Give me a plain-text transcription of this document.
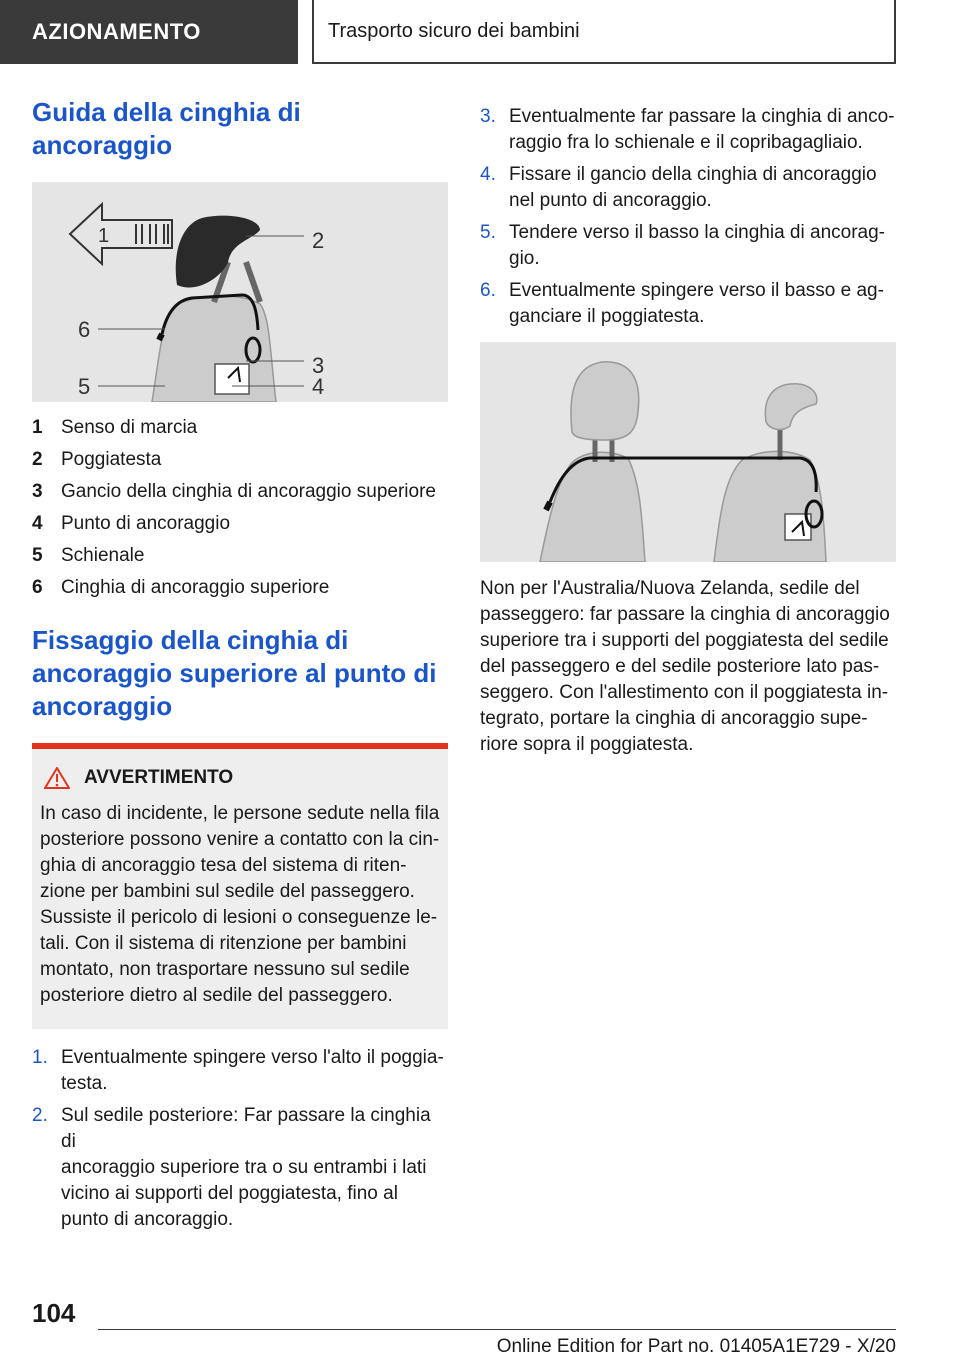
AZIONAMENTO	Trasporto sicuro dei bambini
Guida della cinghia di ancoraggio
1	2
3
4
5
6
1 Senso di marcia
2 Poggiatesta
3 Gancio della cinghia di ancoraggio superiore
4 Punto di ancoraggio
5 Schienale
6 Cinghia di ancoraggio superiore
Fissaggio della cinghia di
ancoraggio superiore al punto di
ancoraggio
AVVERTIMENTO
In caso di incidente, le persone sedute nella fila
posteriore possono venire a contatto con la cin-
ghia di ancoraggio tesa del sistema di riten-
zione per bambini sul sedile del passeggero.
Sussiste il pericolo di lesioni o conseguenze le-
tali. Con il sistema di ritenzione per bambini
montato, non trasportare nessuno sul sedile
posteriore dietro al sedile del passeggero.
1. Eventualmente spingere verso l'alto il poggia-
testa.
2. Sul sedile posteriore: Far passare la cinghia di
ancoraggio superiore tra o su entrambi i lati
vicino ai supporti del poggiatesta, fino al
punto di ancoraggio.
3. Eventualmente far passare la cinghia di anco-
raggio fra lo schienale e il copribagagliaio.
4. Fissare il gancio della cinghia di ancoraggio
nel punto di ancoraggio.
5. Tendere verso il basso la cinghia di ancorag-
gio.
6. Eventualmente spingere verso il basso e ag-
ganciare il poggiatesta.
Non per l'Australia/Nuova Zelanda, sedile del
passeggero: far passare la cinghia di ancoraggio
superiore tra i supporti del poggiatesta del sedile
del passeggero e del sedile posteriore lato pas-
seggero. Con l'allestimento con il poggiatesta in-
tegrato, portare la cinghia di ancoraggio supe-
riore sopra il poggiatesta.
104
Online Edition for Part no. 01405A1E729 - X/20
